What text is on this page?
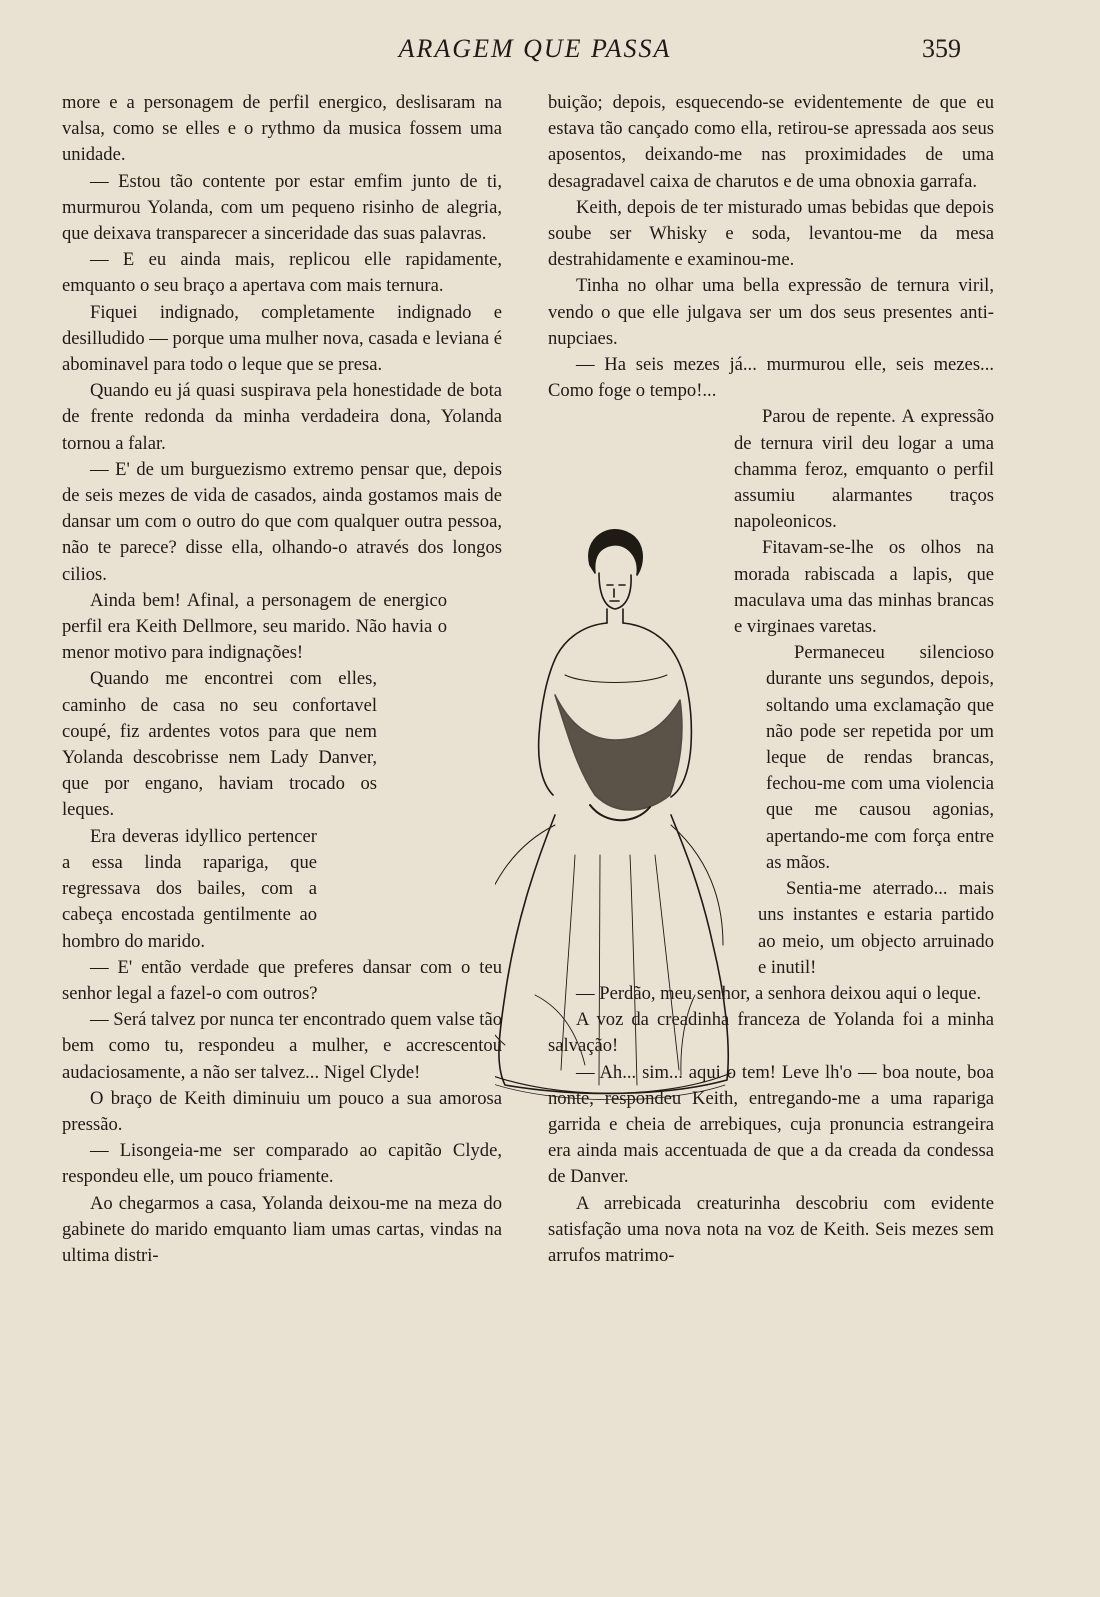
ARAGEM QUE PASSA	359

more e a personagem de perfil energico, deslisaram na valsa, como se elles e o rythmo da musica fossem uma unidade.

— Estou tão contente por estar emfim junto de ti, murmurou Yolanda, com um pequeno risinho de alegria, que deixava transparecer a sinceridade das suas palavras.

— E eu ainda mais, replicou elle rapidamente, emquanto o seu braço a apertava com mais ternura.

Fiquei indignado, completamente indignado e desilludido — porque uma mulher nova, casada e leviana é abominavel para todo o leque que se presa.

Quando eu já quasi suspirava pela honestidade de bota de frente redonda da minha verdadeira dona, Yolanda tornou a falar.

— E' de um burguezismo extremo pensar que, depois de seis mezes de vida de casados, ainda gostamos mais de dansar um com o outro do que com qualquer outra pessoa, não te parece? disse ella, olhando-o através dos longos cilios.

Ainda bem! Afinal, a personagem de energico perfil era Keith Dellmore, seu marido. Não havia o menor motivo para indignações!

Quando me encontrei com elles, caminho de casa no seu confortavel coupé, fiz ardentes votos para que nem Yolanda descobrisse nem Lady Danver, que por engano, haviam trocado os leques.

Era deveras idyllico pertencer a essa linda rapariga, que regressava dos bailes, com a cabeça encostada gentilmente ao hombro do marido.

— E' então verdade que preferes dansar com o teu senhor legal a fazel-o com outros?

— Será talvez por nunca ter encontrado quem valse tão bem como tu, respondeu a mulher, e accrescentou audaciosamente, a não ser talvez... Nigel Clyde!

O braço de Keith diminuiu um pouco a sua amorosa pressão.

— Lisongeia-me ser comparado ao capitão Clyde, respondeu elle, um pouco friamente.

Ao chegarmos a casa, Yolanda deixou-me na meza do gabinete do marido emquanto liam umas cartas, vindas na ultima distri-

buição; depois, esquecendo-se evidentemente de que eu estava tão cançado como ella, retirou-se apressada aos seus aposentos, deixando-me nas proximidades de uma desagradavel caixa de charutos e de uma obnoxia garrafa.

Keith, depois de ter misturado umas bebidas que depois soube ser Whisky e soda, levantou-me da mesa destrahidamente e examinou-me.

Tinha no olhar uma bella expressão de ternura viril, vendo o que elle julgava ser um dos seus presentes anti-nupciaes.

— Ha seis mezes já... murmurou elle, seis mezes... Como foge o tempo!...

Parou de repente. A expressão de ternura viril deu logar a uma chamma feroz, emquanto o perfil assumiu alarmantes traços napoleonicos.

Fitavam-se-lhe os olhos na morada rabiscada a lapis, que maculava uma das minhas brancas e virginaes varetas.

Permaneceu silencioso durante uns segundos, depois, soltando uma exclamação que não pode ser repetida por um leque de rendas brancas, fechou-me com uma violencia que me causou agonias, apertando-me com força entre as mãos.

Sentia-me aterrado... mais uns instantes e estaria partido ao meio, um objecto arruinado e inutil!

— Perdão, meu senhor, a senhora deixou aqui o leque.

A voz da creadinha franceza de Yolanda foi a minha salvação!

— Ah... sim... aqui o tem! Leve lh'o — boa noute, boa nonte, respondeu Keith, entregando-me a uma rapariga garrida e cheia de arrebiques, cuja pronuncia estrangeira era ainda mais accentuada de que a da creada da condessa de Danver.

A arrebicada creaturinha descobriu com evidente satisfação uma nova nota na voz de Keith. Seis mezes sem arrufos matrimo-
